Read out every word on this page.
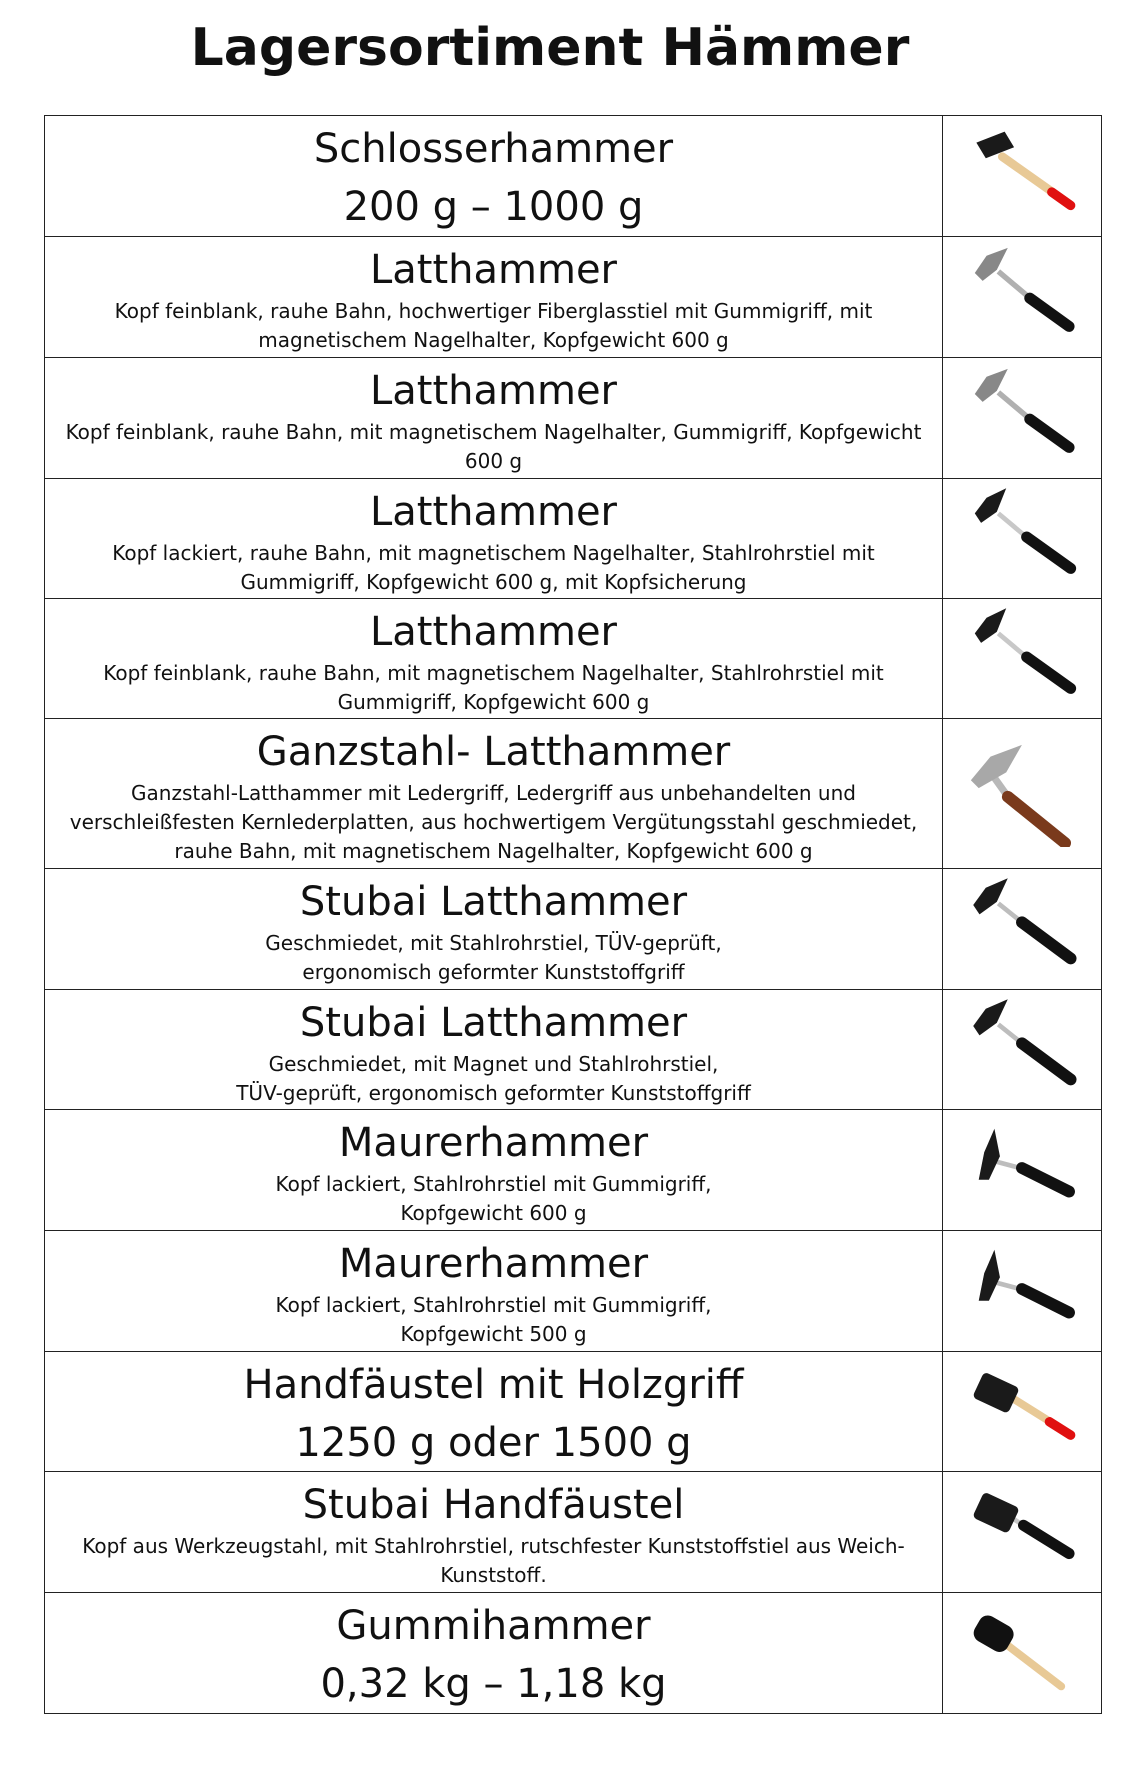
Lagersortiment Hämmer
Schlosserhammer
200 g – 1000 g

Latthammer
Kopf feinblank, rauhe Bahn, hochwertiger Fiberglasstiel mit Gummigriff, mit
magnetischem Nagelhalter, Kopfgewicht 600 g

Latthammer
Kopf feinblank, rauhe Bahn, mit magnetischem Nagelhalter, Gummigriff, Kopfgewicht
600 g

Latthammer
Kopf lackiert, rauhe Bahn, mit magnetischem Nagelhalter, Stahlrohrstiel mit
Gummigriff, Kopfgewicht 600 g, mit Kopfsicherung

Latthammer
Kopf feinblank, rauhe Bahn, mit magnetischem Nagelhalter, Stahlrohrstiel mit
Gummigriff, Kopfgewicht 600 g

Ganzstahl- Latthammer
Ganzstahl-Latthammer mit Ledergriff, Ledergriff aus unbehandelten und
verschleißfesten Kernlederplatten, aus hochwertigem Vergütungsstahl geschmiedet,
rauhe Bahn, mit magnetischem Nagelhalter, Kopfgewicht 600 g

Stubai Latthammer
Geschmiedet, mit Stahlrohrstiel, TÜV-geprüft,
ergonomisch geformter Kunststoffgriff

Stubai Latthammer
Geschmiedet, mit Magnet und Stahlrohrstiel,
TÜV-geprüft, ergonomisch geformter Kunststoffgriff

Maurerhammer
Kopf lackiert, Stahlrohrstiel mit Gummigriff,
Kopfgewicht 600 g

Maurerhammer
Kopf lackiert, Stahlrohrstiel mit Gummigriff,
Kopfgewicht 500 g

Handfäustel mit Holzgriff
1250 g oder 1500 g

Stubai Handfäustel
Kopf aus Werkzeugstahl, mit Stahlrohrstiel, rutschfester Kunststoffstiel aus Weich-
Kunststoff.

Gummihammer
0,32 kg – 1,18 kg
